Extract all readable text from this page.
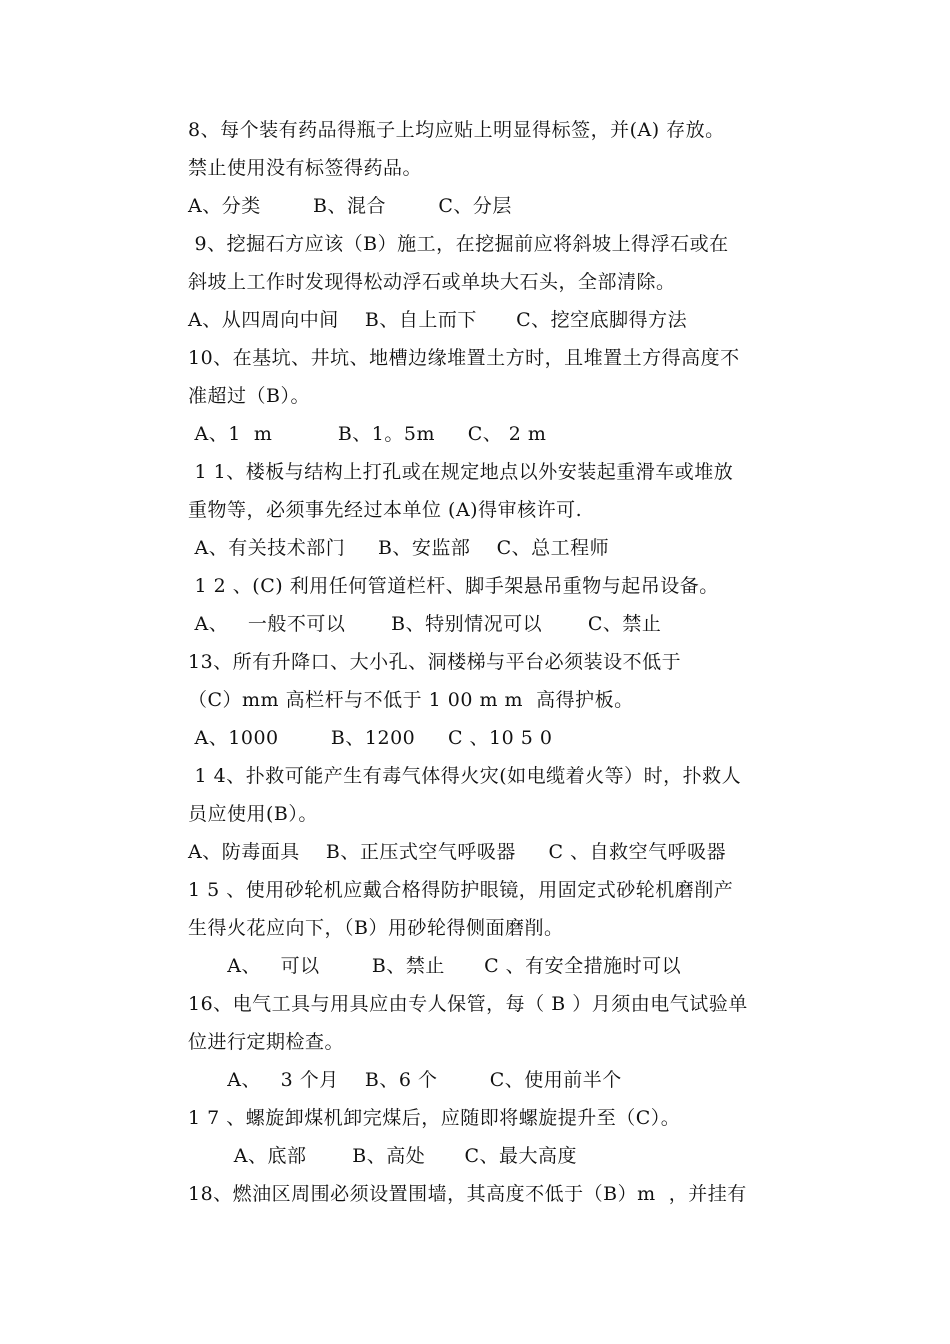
8、每个装有药品得瓶子上均应贴上明显得标签，并(A) 存放。
禁止使用没有标签得药品。
A、分类        B、混合        C、分层
9、挖掘石方应该（B）施工，在挖掘前应将斜坡上得浮石或在
斜坡上工作时发现得松动浮石或单块大石头，全部清除。
A、从四周向中间    B、自上而下      C、挖空底脚得方法
10、在基坑、井坑、地槽边缘堆置土方时，且堆置土方得高度不
准超过（B）。
A、1  m          B、1。5m     C、 2 m
1 1、楼板与结构上打孔或在规定地点以外安装起重滑车或堆放
重物等，必须事先经过本单位 (A)得审核许可.
A、有关技术部门     B、安监部    C、总工程师
1 2 、(C) 利用任何管道栏杆、脚手架悬吊重物与起吊设备。
A、   一般不可以       B、特别情况可以       C、禁止
13、所有升降口、大小孔、洞楼梯与平台必须装设不低于
（C）mm 高栏杆与不低于 1 00 m m  高得护板。
A、1000        B、1200     C 、10 5 0
1 4、扑救可能产生有毒气体得火灾(如电缆着火等）时，扑救人
员应使用(B）。
A、防毒面具    B、正压式空气呼吸器     C 、自救空气呼吸器
1 5 、使用砂轮机应戴合格得防护眼镜，用固定式砂轮机磨削产
生得火花应向下，（B）用砂轮得侧面磨削。
A、   可以        B、禁止      C 、有安全措施时可以
16、电气工具与用具应由专人保管，每（ B ）月须由电气试验单
位进行定期检查。
A、   3 个月    B、6 个        C、使用前半个
1 7 、螺旋卸煤机卸完煤后，应随即将螺旋提升至（C）。
A、底部       B、高处      C、最大高度
18、燃油区周围必须设置围墙，其高度不低于（B）m  ，并挂有
